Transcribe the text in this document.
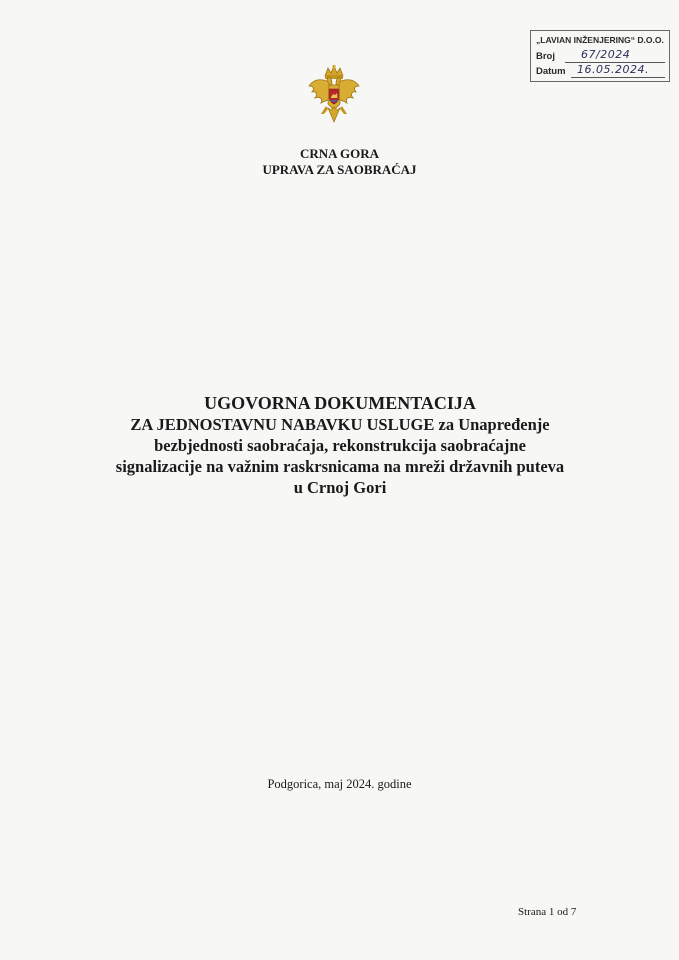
„LAVIAN INŽENJERING“ D.O.O.
Broj 67/2024
Datum 16.05.2024.
CRNA GORA
UPRAVA ZA SAOBRAĆAJ
UGOVORNA DOKUMENTACIJA
ZA JEDNOSTAVNU NABAVKU USLUGE za Unapređenje
bezbjednosti saobraćaja, rekonstrukcija saobraćajne
signalizacije na važnim raskrsnicama na mreži državnih puteva
u Crnoj Gori
Podgorica, maj 2024. godine
Strana 1 od 7
